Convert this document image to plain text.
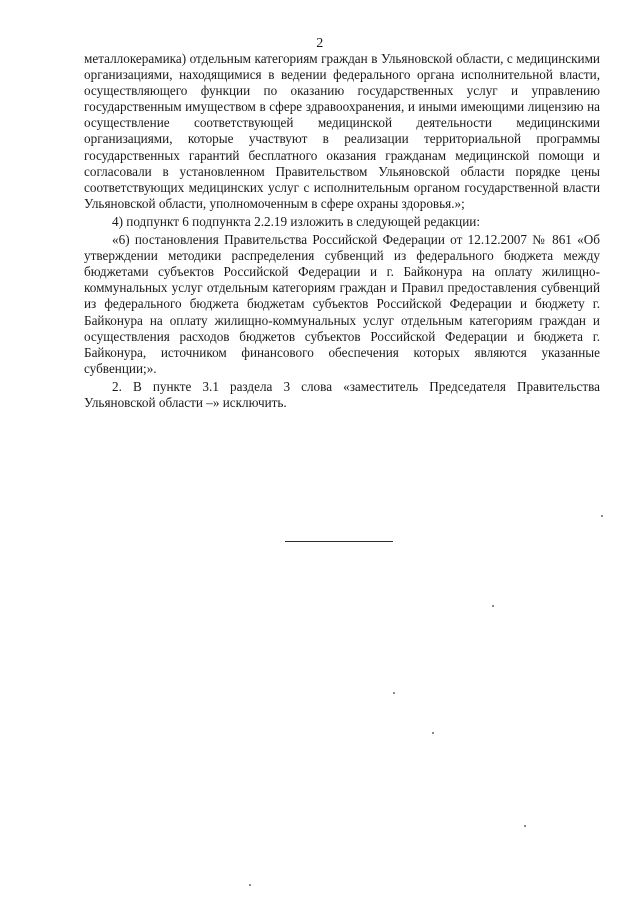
2

металлокерамика) отдельным категориям граждан в Ульяновской области, с медицинскими организациями, находящимися в ведении федерального органа исполнительной власти, осуществляющего функции по оказанию государственных услуг и управлению государственным имуществом в сфере здравоохранения, и иными имеющими лицензию на осуществление соответствующей медицинской деятельности медицинскими организациями, которые участвуют в реализации территориальной программы государственных гарантий бесплатного оказания гражданам медицинской помощи и согласовали в установленном Правительством Ульяновской области порядке цены соответствующих медицинских услуг с исполнительным органом государственной власти Ульяновской области, уполномоченным в сфере охраны здоровья.»;

4) подпункт 6 подпункта 2.2.19 изложить в следующей редакции:

«6) постановления Правительства Российской Федерации от 12.12.2007 № 861 «Об утверждении методики распределения субвенций из федерального бюджета между бюджетами субъектов Российской Федерации и г. Байконура на оплату жилищно-коммунальных услуг отдельным категориям граждан и Правил предоставления субвенций из федерального бюджета бюджетам субъектов Российской Федерации и бюджету г. Байконура на оплату жилищно-коммунальных услуг отдельным категориям граждан и осуществления расходов бюджетов субъектов Российской Федерации и бюджета г. Байконура, источником финансового обеспечения которых являются указанные субвенции;».

2. В пункте 3.1 раздела 3 слова «заместитель Председателя Правительства Ульяновской области –» исключить.
